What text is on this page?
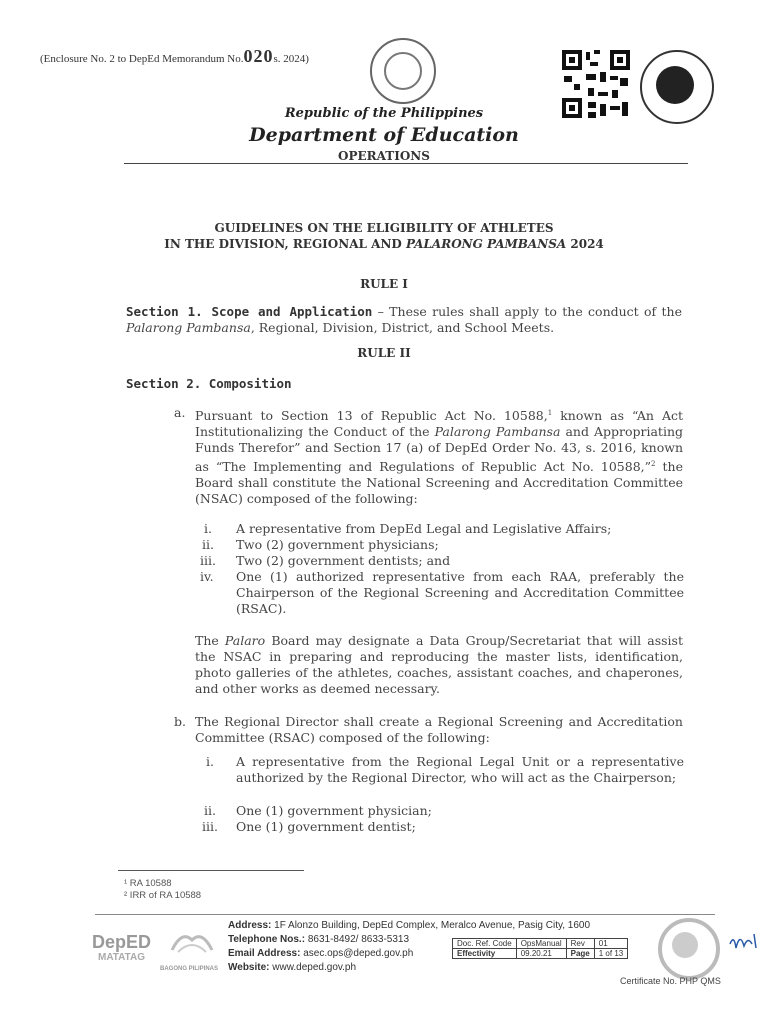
(Enclosure No. 2 to DepEd Memorandum No.020s. 2024)
Republic of the Philippines
Department of Education
OPERATIONS
GUIDELINES ON THE ELIGIBILITY OF ATHLETES
IN THE DIVISION, REGIONAL AND PALARONG PAMBANSA 2024
RULE I
Section 1. Scope and Application – These rules shall apply to the conduct of the Palarong Pambansa, Regional, Division, District, and School Meets.
RULE II
Section 2. Composition
a. Pursuant to Section 13 of Republic Act No. 10588,$^1$ known as “An Act Institutionalizing the Conduct of the Palarong Pambansa and Appropriating Funds Therefor” and Section 17 (a) of DepEd Order No. 43, s. 2016, known as “The Implementing and Regulations of Republic Act No. 10588,”$^2$ the Board shall constitute the National Screening and Accreditation Committee (NSAC) composed of the following:
i. A representative from DepEd Legal and Legislative Affairs;
ii. Two (2) government physicians;
iii. Two (2) government dentists; and
iv. One (1) authorized representative from each RAA, preferably the Chairperson of the Regional Screening and Accreditation Committee (RSAC).
The Palaro Board may designate a Data Group/Secretariat that will assist the NSAC in preparing and reproducing the master lists, identification, photo galleries of the athletes, coaches, assistant coaches, and chaperones, and other works as deemed necessary.
b. The Regional Director shall create a Regional Screening and Accreditation Committee (RSAC) composed of the following:
i. A representative from the Regional Legal Unit or a representative authorized by the Regional Director, who will act as the Chairperson;
ii. One (1) government physician;
iii. One (1) government dentist;
¹ RA 10588
² IRR of RA 10588
DepED
MATATAG
BAGONG PILIPINAS
Address: 1F Alonzo Building, DepEd Complex, Meralco Avenue, Pasig City, 1600
Telephone Nos.: 8631-8492/ 8633-5313
Email Address: asec.ops@deped.gov.ph
Website: www.deped.gov.ph
Doc. Ref. Code	OpsManual	Rev	01
Effectivity	09.20.21	Page	1 of 13
Certificate No. PHP QMS
